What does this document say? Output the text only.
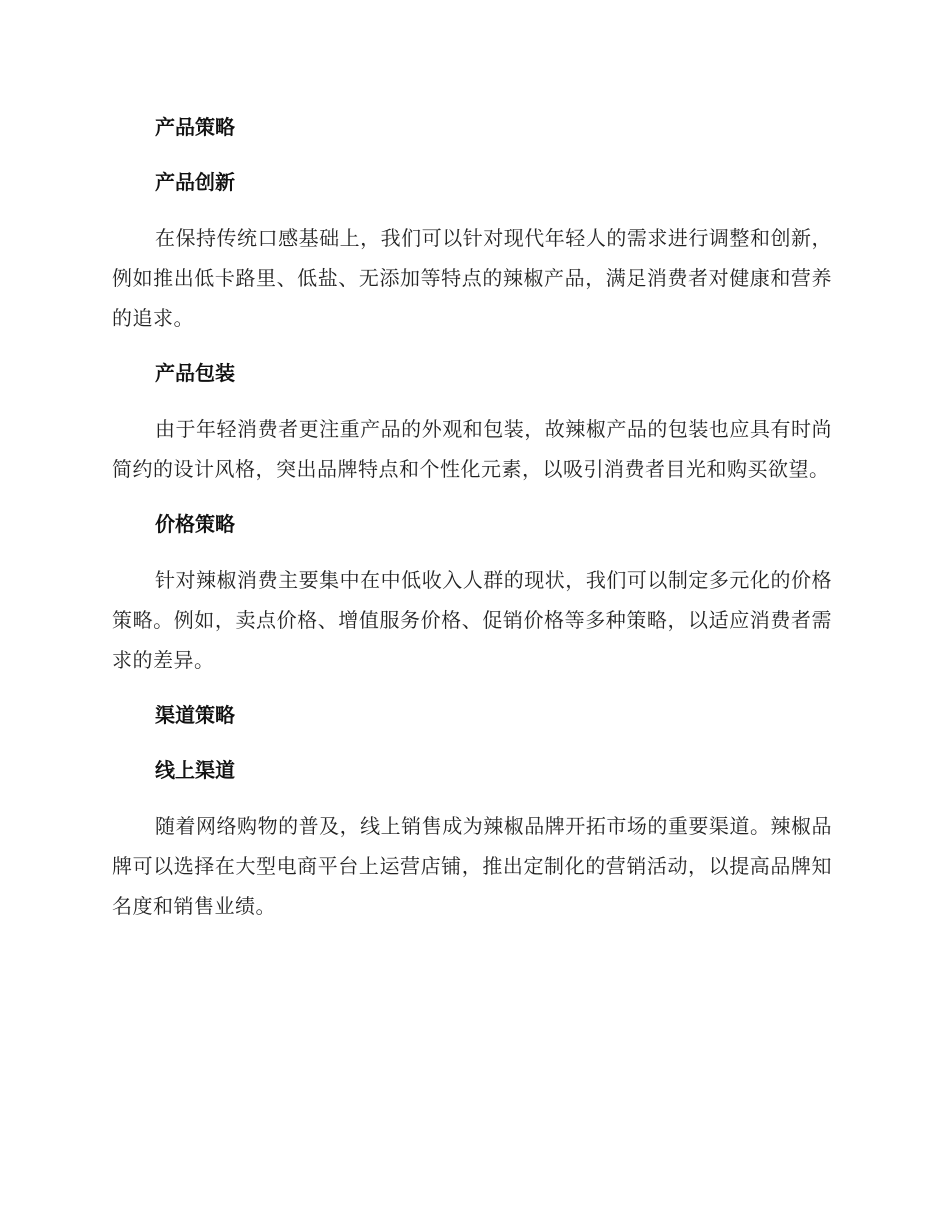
产品策略
产品创新

在保持传统口感基础上，我们可以针对现代年轻人的需求进行调整和创新，例如推出低卡路里、低盐、无添加等特点的辣椒产品，满足消费者对健康和营养的追求。

产品包装

由于年轻消费者更注重产品的外观和包装，故辣椒产品的包装也应具有时尚简约的设计风格，突出品牌特点和个性化元素，以吸引消费者目光和购买欲望。

价格策略

针对辣椒消费主要集中在中低收入人群的现状，我们可以制定多元化的价格策略。例如，卖点价格、增值服务价格、促销价格等多种策略，以适应消费者需求的差异。

渠道策略
线上渠道

随着网络购物的普及，线上销售成为辣椒品牌开拓市场的重要渠道。辣椒品牌可以选择在大型电商平台上运营店铺，推出定制化的营销活动，以提高品牌知名度和销售业绩。
